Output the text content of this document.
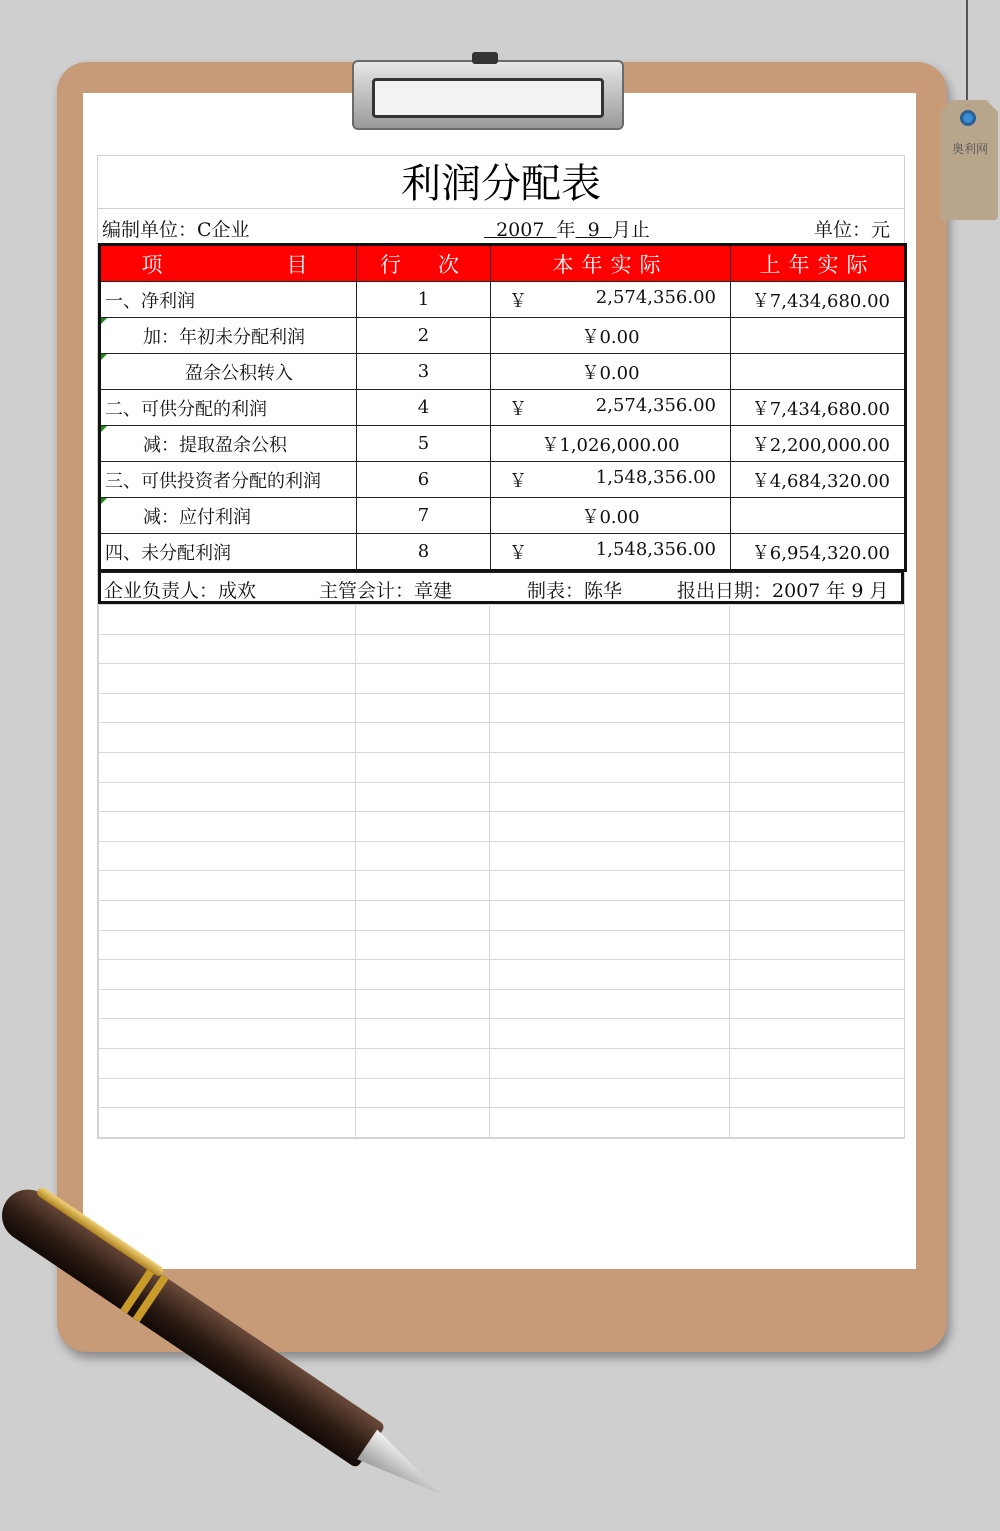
奥利网
利润分配表
编制单位：C企业	2007 年 9 月止	单位：元
项　　　　目	行　次	本年实际	上年实际
一、净利润	1	￥ 2,574,356.00	￥7,434,680.00
加：年初未分配利润	2	￥0.00	
盈余公积转入	3	￥0.00	
二、可供分配的利润	4	￥ 2,574,356.00	￥7,434,680.00
减：提取盈余公积	5	￥1,026,000.00	￥2,200,000.00
三、可供投资者分配的利润	6	￥ 1,548,356.00	￥4,684,320.00
减：应付利润	7	￥0.00	
四、未分配利润	8	￥ 1,548,356.00	￥6,954,320.00
企业负责人：成欢	主管会计：章建	制表：陈华	报出日期：2007 年 9 月
